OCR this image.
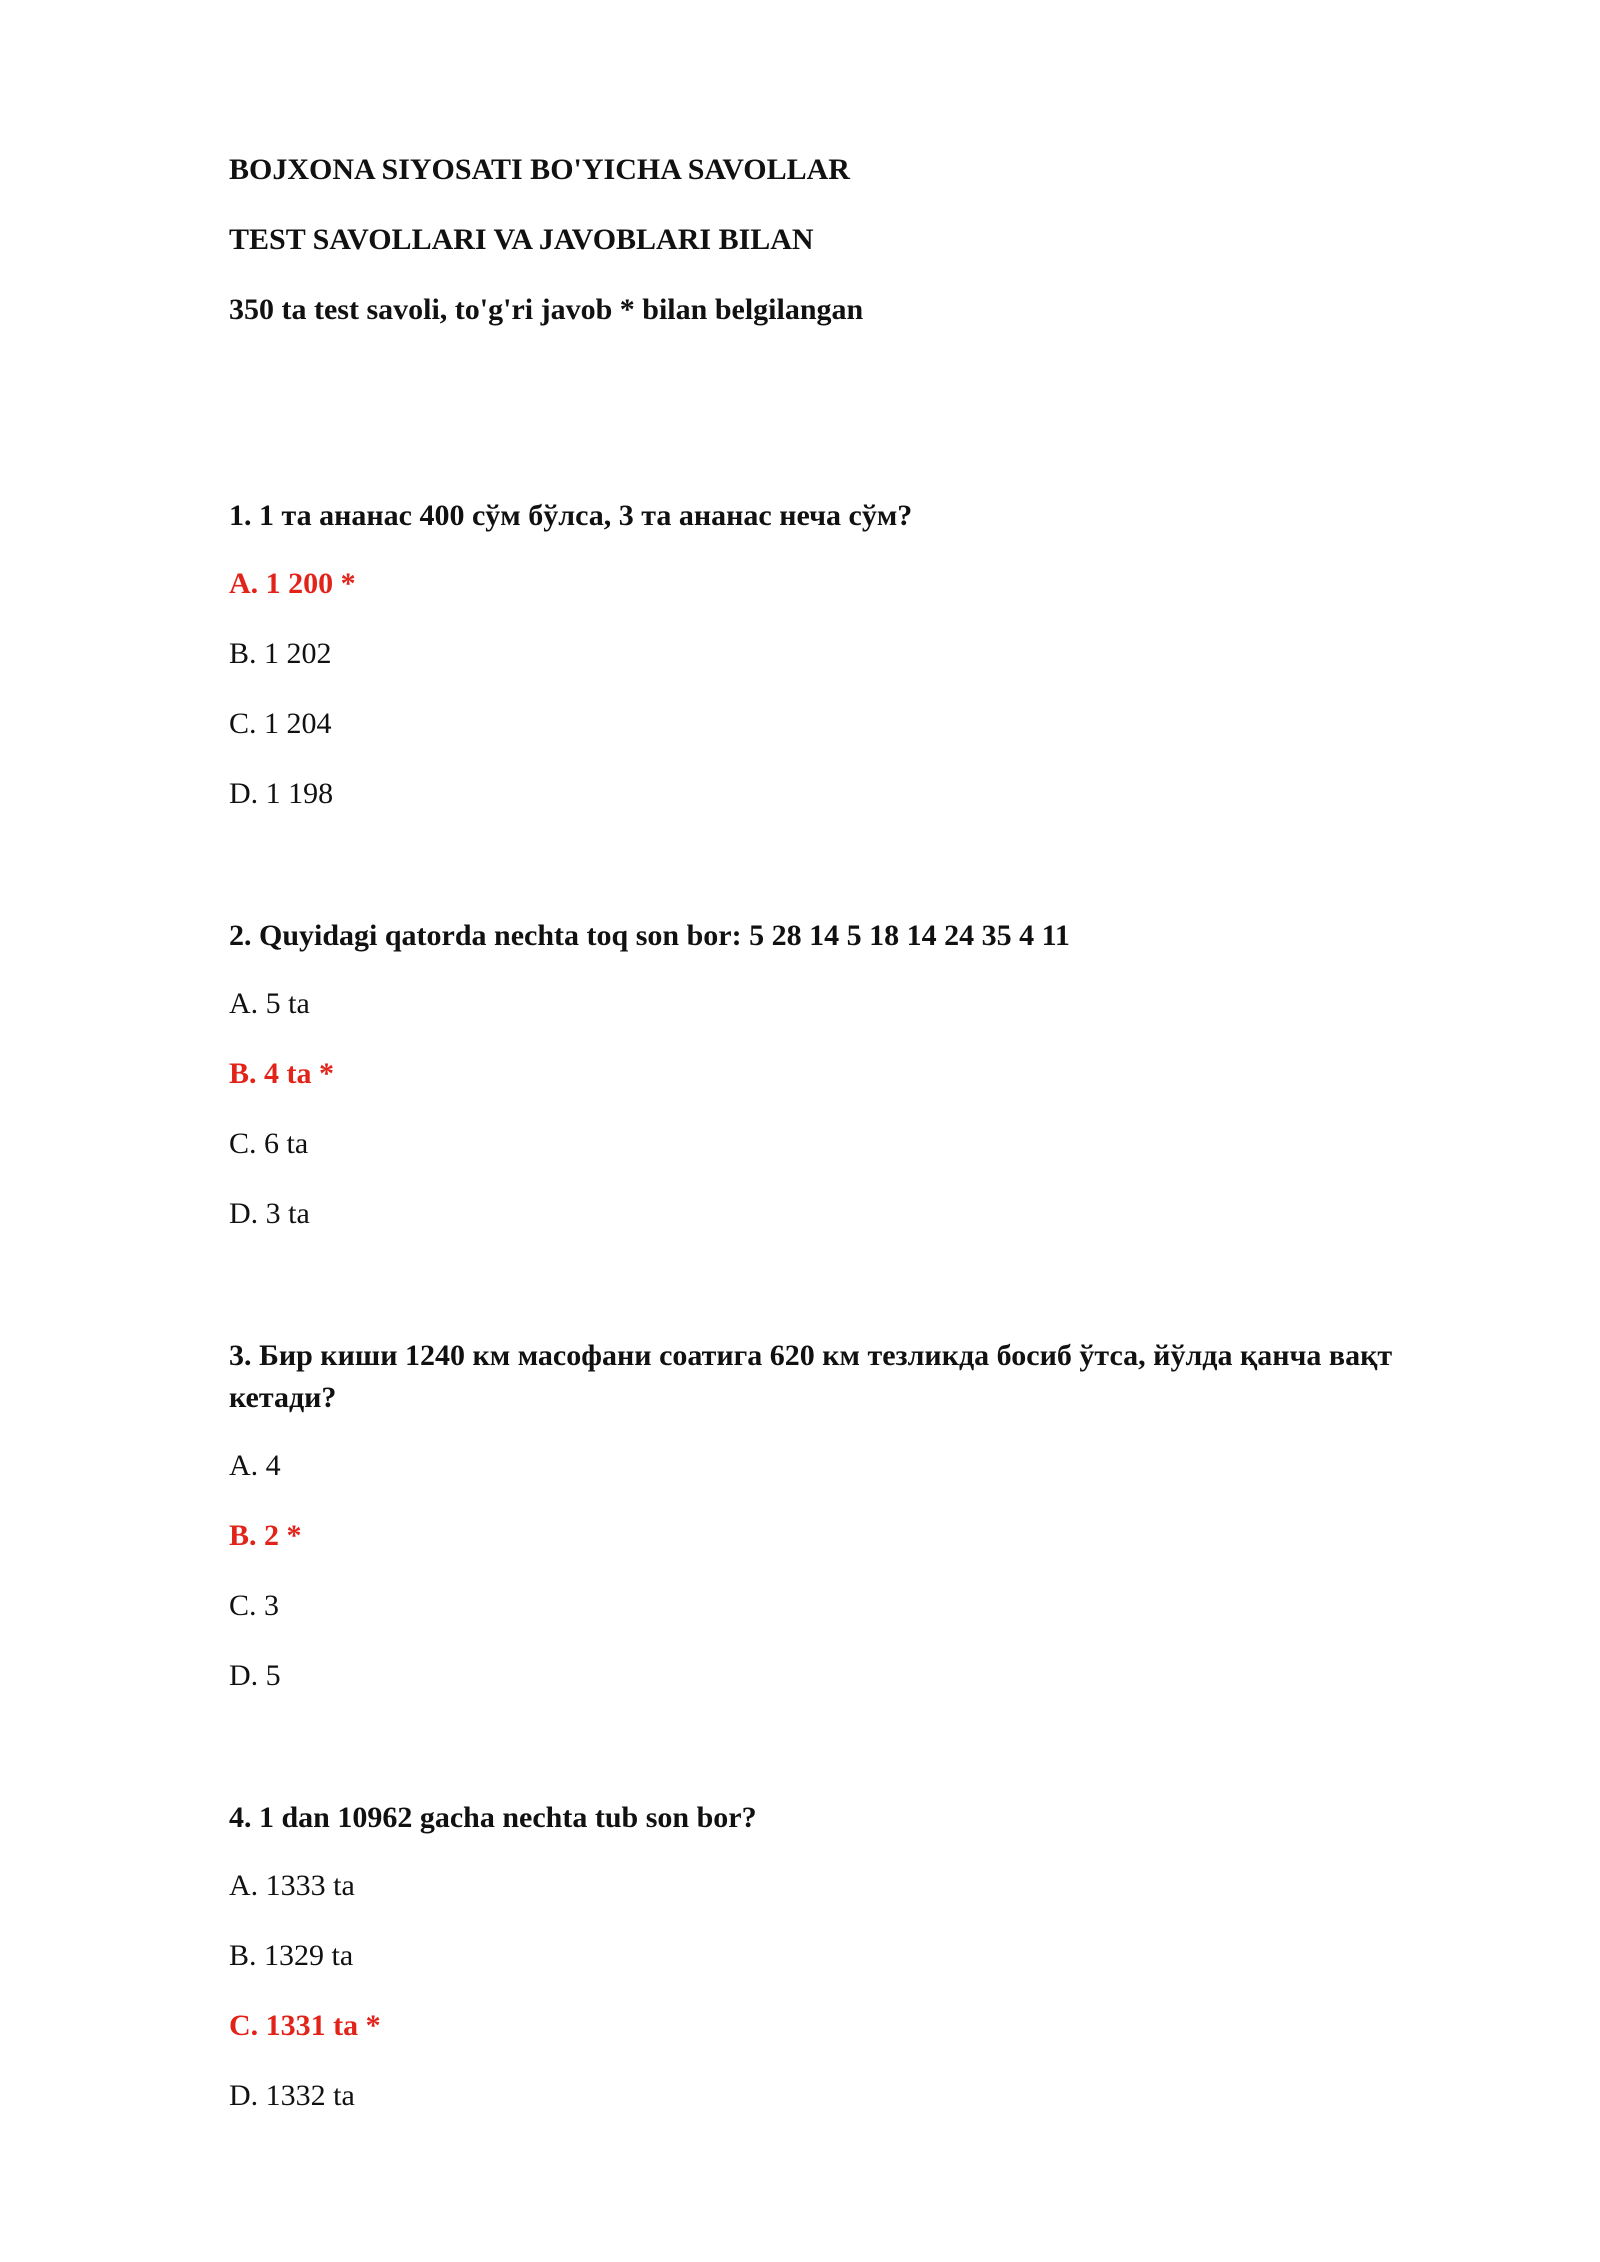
BOJXONA SIYOSATI BO'YICHA SAVOLLAR
TEST SAVOLLARI VA JAVOBLARI BILAN
350 ta test savoli, to'g'ri javob * bilan belgilangan
1. 1 та ананас 400 сўм бўлса, 3 та ананас неча сўм?
A. 1 200 *
B. 1 202
C. 1 204
D. 1 198
2. Quyidagi qatorda nechta toq son bor: 5 28 14 5 18 14 24 35 4 11
A. 5 ta
B. 4 ta *
C. 6 ta
D. 3 ta
3. Бир киши 1240 км масофани соатига 620 км тезликда босиб ўтса, йўлда қанча вақт кетади?
A. 4
B. 2 *
C. 3
D. 5
4. 1 dan 10962 gacha nechta tub son bor?
A. 1333 ta
B. 1329 ta
C. 1331 ta *
D. 1332 ta
